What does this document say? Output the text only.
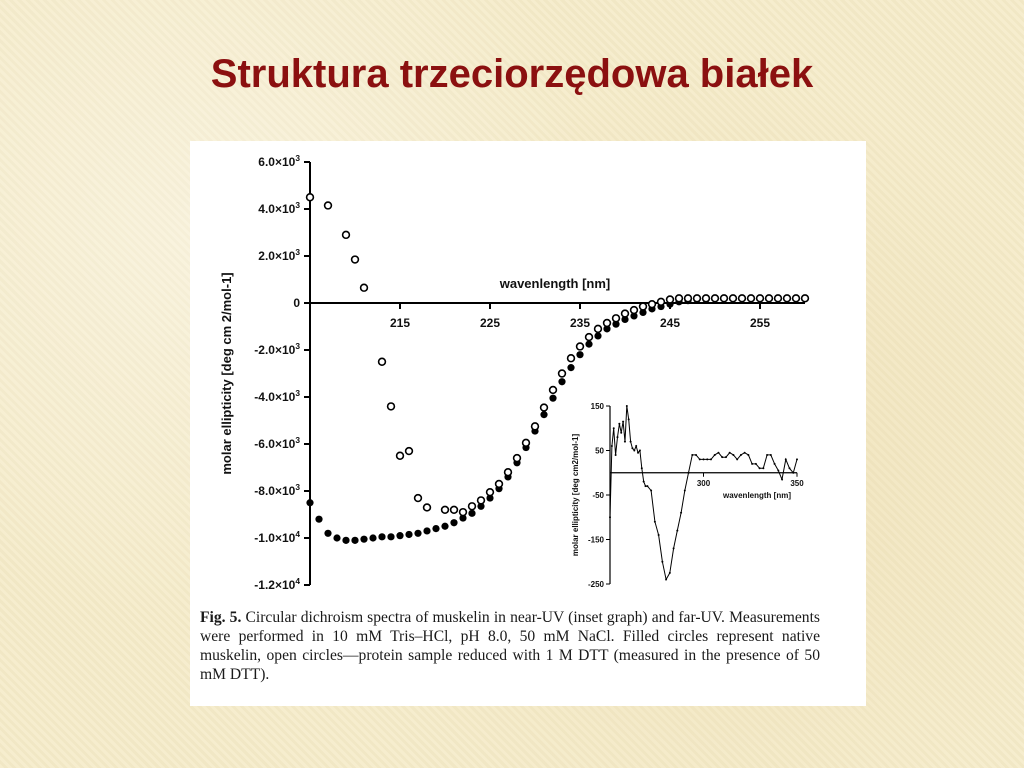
Struktura trzeciorzędowa białek
$6.0\times 10^3$
$4.0\times 10^3$
$2.0\times 10^3$
0
$-2.0\times 10^3$
$-4.0\times 10^3$
$-6.0\times 10^3$
$-8.0\times 10^3$
$-1.0\times 10^4$
$-1.2\times 10^4$
215	225	235	245	255
wavenlength [nm]
molar ellipticity [deg cm 2/mol-1]	150
50
-50
-150
-250
300	350
wavenlength [nm]
molar ellipticity [deg cm2/mol-1]
Fig. 5. Circular dichroism spectra of muskelin in near-UV (inset graph) and far-UV. Measurements were performed in 10 mM Tris–HCl, pH 8.0, 50 mM NaCl. Filled circles represent native muskelin, open circles—protein sample reduced with 1 M DTT (measured in the presence of 50 mM DTT).
